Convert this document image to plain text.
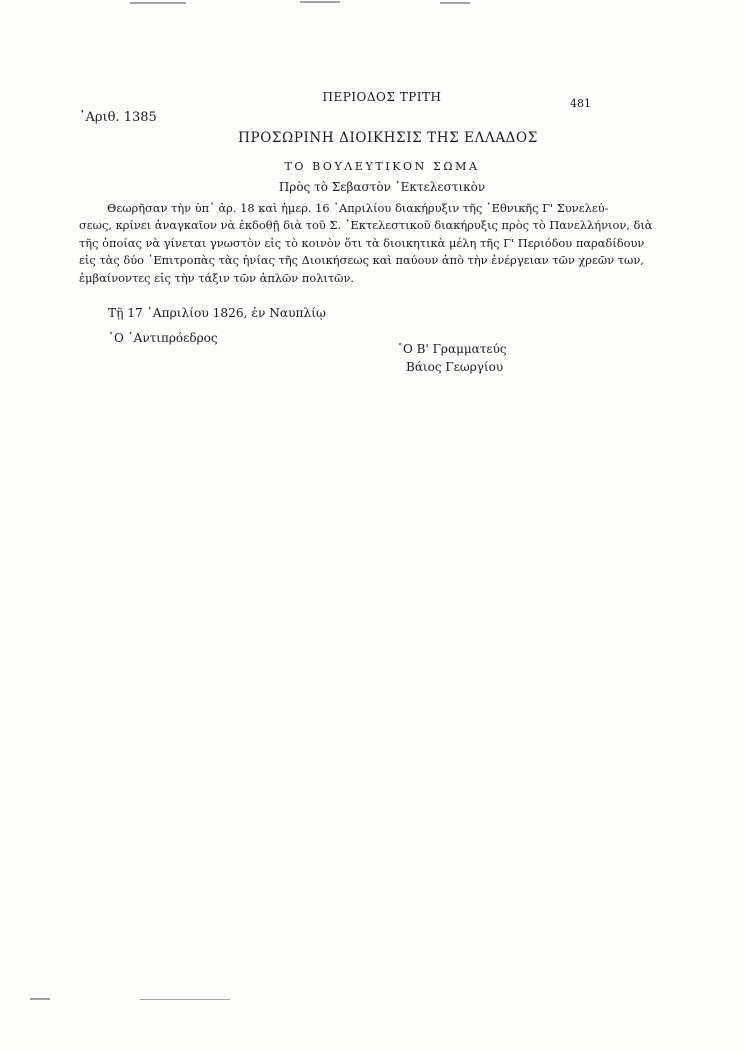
ΠΕΡΙΟΔΟΣ ΤΡΙΤΗ	481
᾿Αριθ. 1385
ΠΡΟΣΩΡΙΝΗ ΔΙΟΙΚΗΣΙΣ ΤΗΣ ΕΛΛΑΔΟΣ
ΤΟ ΒΟΥΛΕΥΤΙΚΟΝ ΣΩΜΑ
Πρὸς τὸ Σεβαστὸν ᾿Εκτελεστικὸν
Θεωρῆσαν τὴν ὑπ᾿ ἀρ. 18 καὶ ἡμερ. 16 ᾿Απριλίου διακήρυξιν τῆς ᾿Εθνικῆς Γ' Συνελεύ-
σεως, κρίνει ἀναγκαῖον νὰ ἐκδοθῇ διὰ τοῦ Σ. ᾿Εκτελεστικοῦ διακήρυξις πρὸς τὸ Πανελλήνιον, διὰ
τῆς ὁποίας νὰ γίνεται γνωστὸν εἰς τὸ κοινὸν ὅτι τὰ διοικητικὰ μέλη τῆς Γ' Περιόδου παραδίδουν
εἰς τὰς δύο ᾿Επιτροπὰς τὰς ἡνίας τῆς Διοικήσεως καὶ παύουν ἀπὸ τὴν ἐνέργειαν τῶν χρεῶν των,
ἐμβαίνοντες εἰς τὴν τάξιν τῶν ἁπλῶν πολιτῶν.
Τῇ 17 ᾿Απριλίου 1826, ἐν Ναυπλίῳ
῾Ο ᾿Αντιπρόεδρος
῾Ο Β' Γραμματεύς
Βάιος Γεωργίου
